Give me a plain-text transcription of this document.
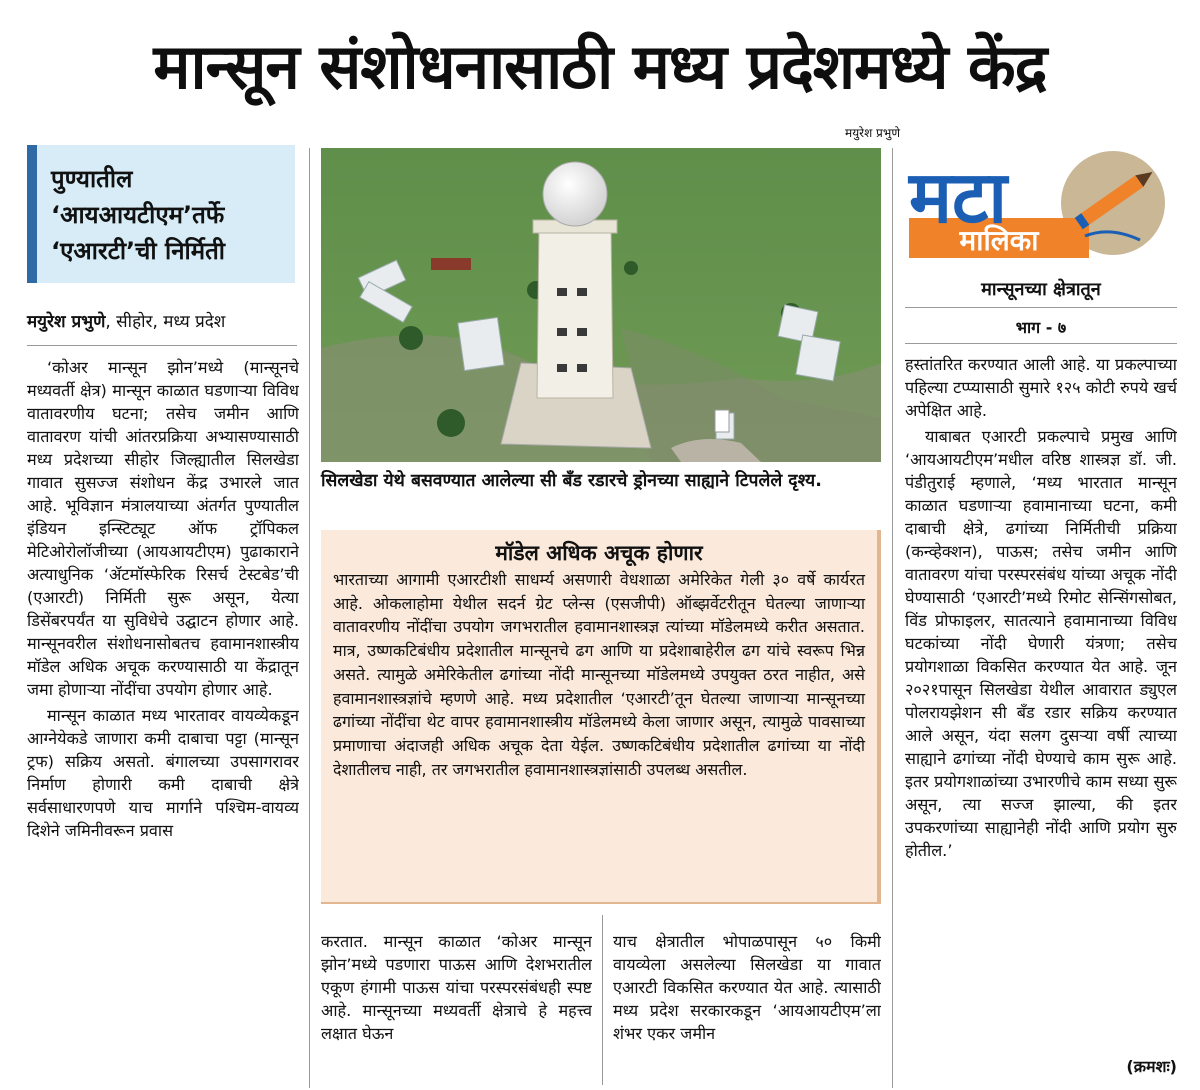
मान्सून संशोधनासाठी मध्य प्रदेशमध्ये केंद्र
मयुरेश प्रभुणे
पुण्यातील
‘आयआयटीएम’तर्फे
‘एआरटी’ची निर्मिती
मयुरेश प्रभुणे, सीहोर, मध्य प्रदेश

‘कोअर मान्सून झोन’मध्ये (मान्सूनचे मध्यवर्ती क्षेत्र) मान्सून काळात घडणाऱ्या विविध वातावरणीय घटना; तसेच जमीन आणि वातावरण यांची आंतरप्रक्रिया अभ्यासण्यासाठी मध्य प्रदेशच्या सीहोर जिल्ह्यातील सिलखेडा गावात सुसज्ज संशोधन केंद्र उभारले जात आहे. भूविज्ञान मंत्रालयाच्या अंतर्गत पुण्यातील इंडियन इन्स्टिट्यूट ऑफ ट्रॉपिकल मेटिओरोलॉजीच्या (आयआयटीएम) पुढाकाराने अत्याधुनिक ‘ॲटमॉस्फेरिक रिसर्च टेस्टबेड’ची (एआरटी) निर्मिती सुरू असून, येत्या डिसेंबरपर्यंत या सुविधेचे उद्घाटन होणार आहे. मान्सूनवरील संशोधनासोबतच हवामानशास्त्रीय मॉडेल अधिक अचूक करण्यासाठी या केंद्रातून जमा होणाऱ्या नोंदींचा उपयोग होणार आहे.

मान्सून काळात मध्य भारतावर वायव्येकडून आग्नेयेकडे जाणारा कमी दाबाचा पट्टा (मान्सून ट्रफ) सक्रिय असतो. बंगालच्या उपसागरावर निर्माण होणारी कमी दाबाची क्षेत्रे सर्वसाधारणपणे याच मार्गाने पश्चिम-वायव्य दिशेने जमिनीवरून प्रवास

सिलखेडा येथे बसवण्यात आलेल्या सी बँड रडारचे ड्रोनच्या साह्याने टिपलेले दृश्य.
मॉडेल अधिक अचूक होणार
भारताच्या आगामी एआरटीशी साधर्म्य असणारी वेधशाळा अमेरिकेत गेली ३० वर्षे कार्यरत आहे. ओकलाहोमा येथील सदर्न ग्रेट प्लेन्स (एसजीपी) ऑब्झर्वेटरीतून घेतल्या जाणाऱ्या वातावरणीय नोंदींचा उपयोग जगभरातील हवामानशास्त्रज्ञ त्यांच्या मॉडेलमध्ये करीत असतात. मात्र, उष्णकटिबंधीय प्रदेशातील मान्सूनचे ढग आणि या प्रदेशाबाहेरील ढग यांचे स्वरूप भिन्न असते. त्यामुळे अमेरिकेतील ढगांच्या नोंदी मान्सूनच्या मॉडेलमध्ये उपयुक्त ठरत नाहीत, असे हवामानशास्त्रज्ञांचे म्हणणे आहे. मध्य प्रदेशातील ‘एआरटी’तून घेतल्या जाणाऱ्या मान्सूनच्या ढगांच्या नोंदींचा थेट वापर हवामानशास्त्रीय मॉडेलमध्ये केला जाणार असून, त्यामुळे पावसाच्या प्रमाणाचा अंदाजही अधिक अचूक देता येईल. उष्णकटिबंधीय प्रदेशातील ढगांच्या या नोंदी देशातीलच नाही, तर जगभरातील हवामानशास्त्रज्ञांसाठी उपलब्ध असतील.
करतात. मान्सून काळात ‘कोअर मान्सून झोन’मध्ये पडणारा पाऊस आणि देशभरातील एकूण हंगामी पाऊस यांचा परस्परसंबंधही स्पष्ट आहे. मान्सूनच्या मध्यवर्ती क्षेत्राचे हे महत्त्व लक्षात घेऊन
याच क्षेत्रातील भोपाळपासून ५० किमी वायव्येला असलेल्या सिलखेडा या गावात एआरटी विकसित करण्यात येत आहे. त्यासाठी मध्य प्रदेश सरकारकडून ‘आयआयटीएम’ला शंभर एकर जमीन
मटा
मालिका
मान्सूनच्या क्षेत्रातून
भाग - ७

हस्तांतरित करण्यात आली आहे. या प्रकल्पाच्या पहिल्या टप्प्यासाठी सुमारे १२५ कोटी रुपये खर्च अपेक्षित आहे.

याबाबत एआरटी प्रकल्पाचे प्रमुख आणि ‘आयआयटीएम’मधील वरिष्ठ शास्त्रज्ञ डॉ. जी. पंडीतुराई म्हणाले, ‘मध्य भारतात मान्सून काळात घडणाऱ्या हवामानाच्या घटना, कमी दाबाची क्षेत्रे, ढगांच्या निर्मितीची प्रक्रिया (कन्व्हेक्शन), पाऊस; तसेच जमीन आणि वातावरण यांचा परस्परसंबंध यांच्या अचूक नोंदी घेण्यासाठी ‘एआरटी’मध्ये रिमोट सेन्सिंगसोबत, विंड प्रोफाइलर, सातत्याने हवामानाच्या विविध घटकांच्या नोंदी घेणारी यंत्रणा; तसेच प्रयोगशाळा विकसित करण्यात येत आहे. जून २०२१पासून सिलखेडा येथील आवारात ड्युएल पोलरायझेशन सी बँड रडार सक्रिय करण्यात आले असून, यंदा सलग दुसऱ्या वर्षी त्याच्या साह्याने ढगांच्या नोंदी घेण्याचे काम सुरू आहे. इतर प्रयोगशाळांच्या उभारणीचे काम सध्या सुरू असून, त्या सज्ज झाल्या, की इतर उपकरणांच्या साह्यानेही नोंदी आणि प्रयोग सुरु होतील.’

(क्रमशः)
